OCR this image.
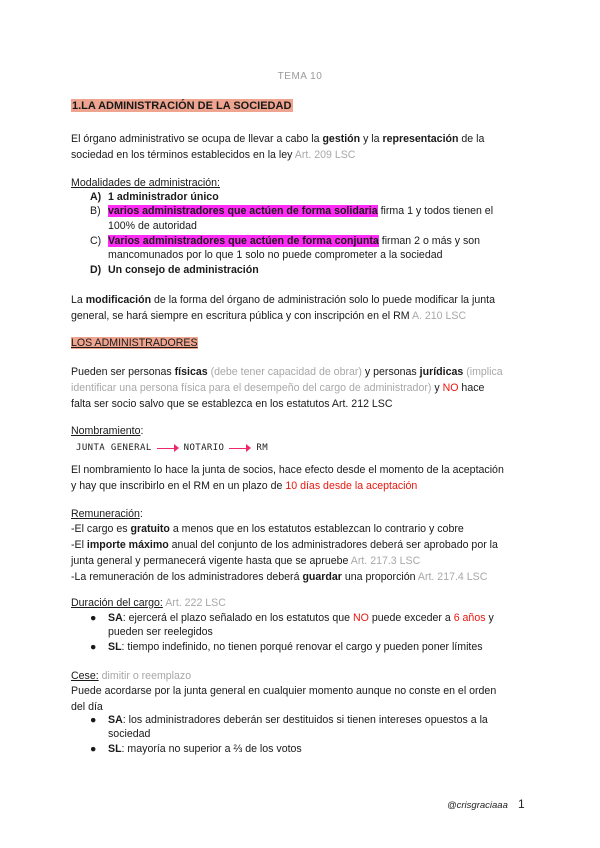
TEMA 10
1.LA ADMINISTRACIÓN DE LA SOCIEDAD
El órgano administrativo se ocupa de llevar a cabo la gestión y la representación de la
sociedad en los términos establecidos en la ley Art. 209 LSC
Modalidades de administración:
A) 1 administrador único
B) varios administradores que actúen de forma solidaria firma 1 y todos tienen el
100% de autoridad
C) Varios administradores que actúen de forma conjunta firman 2 o más y son
mancomunados por lo que 1 solo no puede comprometer a la sociedad
D) Un consejo de administración
La modificación de la forma del órgano de administración solo lo puede modificar la junta
general, se hará siempre en escritura pública y con inscripción en el RM A. 210 LSC
LOS ADMINISTRADORES
Pueden ser personas físicas (debe tener capacidad de obrar) y personas jurídicas (implica
identificar una persona física para el desempeño del cargo de administrador) y NO hace
falta ser socio salvo que se establezca en los estatutos Art. 212 LSC
Nombramiento:
JUNTA GENERAL	NOTARIO	RM
El nombramiento lo hace la junta de socios, hace efecto desde el momento de la aceptación
y hay que inscribirlo en el RM en un plazo de 10 días desde la aceptación
Remuneración:
-El cargo es gratuito a menos que en los estatutos establezcan lo contrario y cobre
-El importe máximo anual del conjunto de los administradores deberá ser aprobado por la
junta general y permanecerá vigente hasta que se apruebe Art. 217.3 LSC
-La remuneración de los administradores deberá guardar una proporción Art. 217.4 LSC
Duración del cargo: Art. 222 LSC
● SA: ejercerá el plazo señalado en los estatutos que NO puede exceder a 6 años y
pueden ser reelegidos
● SL: tiempo indefinido, no tienen porqué renovar el cargo y pueden poner límites
Cese: dimitir o reemplazo
Puede acordarse por la junta general en cualquier momento aunque no conste en el orden
del día
● SA: los administradores deberán ser destituidos si tienen intereses opuestos a la
sociedad
● SL: mayoría no superior a ⅔ de los votos
@crisgraciaaa 1
